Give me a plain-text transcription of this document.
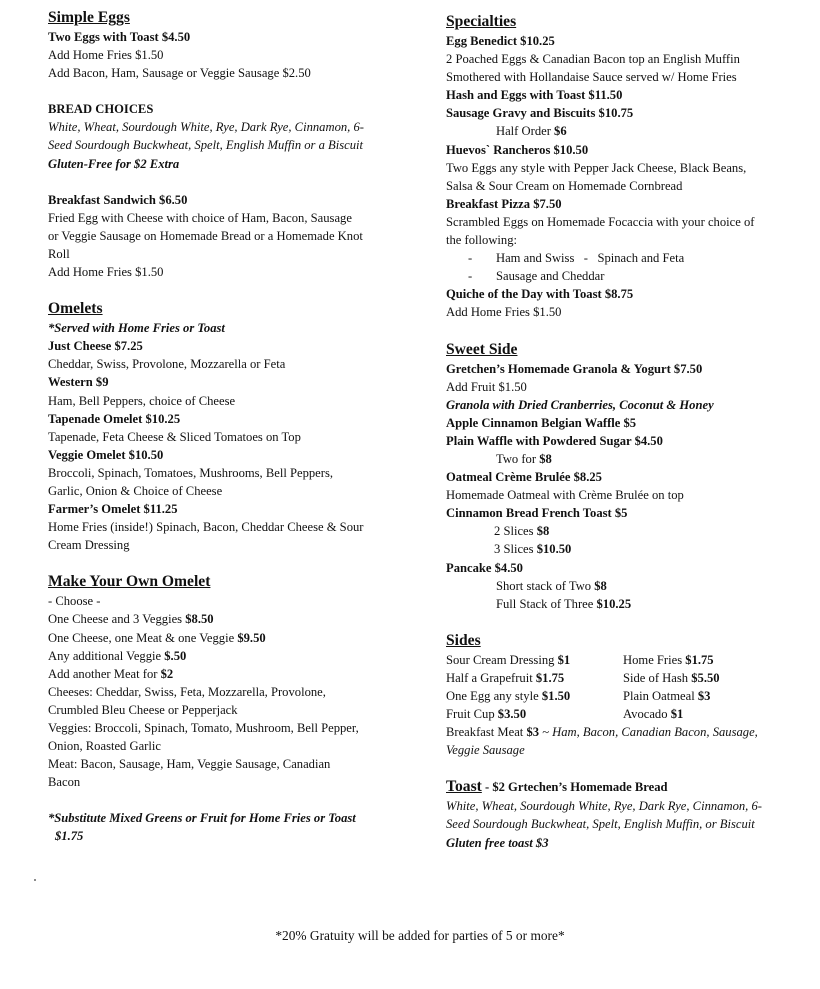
Simple Eggs
Two Eggs with Toast $4.50
Add Home Fries $1.50
Add Bacon, Ham, Sausage or Veggie Sausage $2.50
BREAD CHOICES
White, Wheat, Sourdough White, Rye, Dark Rye, Cinnamon, 6-
Seed Sourdough Buckwheat, Spelt, English Muffin or a Biscuit
Gluten-Free for $2 Extra
Breakfast Sandwich $6.50
Fried Egg with Cheese with choice of Ham, Bacon, Sausage
or Veggie Sausage on Homemade Bread or a Homemade Knot
Roll
Add Home Fries $1.50
Omelets
*Served with Home Fries or Toast
Just Cheese $7.25
Cheddar, Swiss, Provolone, Mozzarella or Feta
Western $9
Ham, Bell Peppers, choice of Cheese
Tapenade Omelet $10.25
Tapenade, Feta Cheese & Sliced Tomatoes on Top
Veggie Omelet $10.50
Broccoli, Spinach, Tomatoes, Mushrooms, Bell Peppers,
Garlic, Onion & Choice of Cheese
Farmer’s Omelet $11.25
Home Fries (inside!) Spinach, Bacon, Cheddar Cheese & Sour
Cream Dressing
Make Your Own Omelet
- Choose -
One Cheese and 3 Veggies $8.50
One Cheese, one Meat & one Veggie $9.50
Any additional Veggie $.50
Add another Meat for $2
Cheeses: Cheddar, Swiss, Feta, Mozzarella, Provolone,
Crumbled Bleu Cheese or Pepperjack
Veggies: Broccoli, Spinach, Tomato, Mushroom, Bell Pepper,
Onion, Roasted Garlic
Meat: Bacon, Sausage, Ham, Veggie Sausage, Canadian
Bacon
*Substitute Mixed Greens or Fruit for Home Fries or Toast
$1.75
Specialties
Egg Benedict $10.25
2 Poached Eggs & Canadian Bacon top an English Muffin
Smothered with Hollandaise Sauce served w/ Home Fries
Hash and Eggs with Toast $11.50
Sausage Gravy and Biscuits $10.75
Half Order $6
Huevos` Rancheros $10.50
Two Eggs any style with Pepper Jack Cheese, Black Beans,
Salsa & Sour Cream on Homemade Cornbread
Breakfast Pizza $7.50
Scrambled Eggs on Homemade Focaccia with your choice of
the following:
-	Ham and Swiss   -   Spinach and Feta
-	Sausage and Cheddar
Quiche of the Day with Toast $8.75
Add Home Fries $1.50
Sweet Side
Gretchen’s Homemade Granola & Yogurt $7.50
Add Fruit $1.50
Granola with Dried Cranberries, Coconut & Honey
Apple Cinnamon Belgian Waffle $5
Plain Waffle with Powdered Sugar $4.50
Two for $8
Oatmeal Crème Brulée $8.25
Homemade Oatmeal with Crème Brulée on top
Cinnamon Bread French Toast $5
2 Slices $8
3 Slices $10.50
Pancake $4.50
Short stack of Two $8
Full Stack of Three $10.25
Sides
Sour Cream Dressing $1	Home Fries $1.75
Half a Grapefruit $1.75	Side of Hash $5.50
One Egg any style $1.50	Plain Oatmeal $3
Fruit Cup $3.50	Avocado $1
Breakfast Meat $3 ~ Ham, Bacon, Canadian Bacon, Sausage,
Veggie Sausage
Toast - $2 Grtechen’s Homemade Bread
White, Wheat, Sourdough White, Rye, Dark Rye, Cinnamon, 6-
Seed Sourdough Buckwheat, Spelt, English Muffin, or Biscuit
Gluten free toast $3
*20% Gratuity will be added for parties of 5 or more*
